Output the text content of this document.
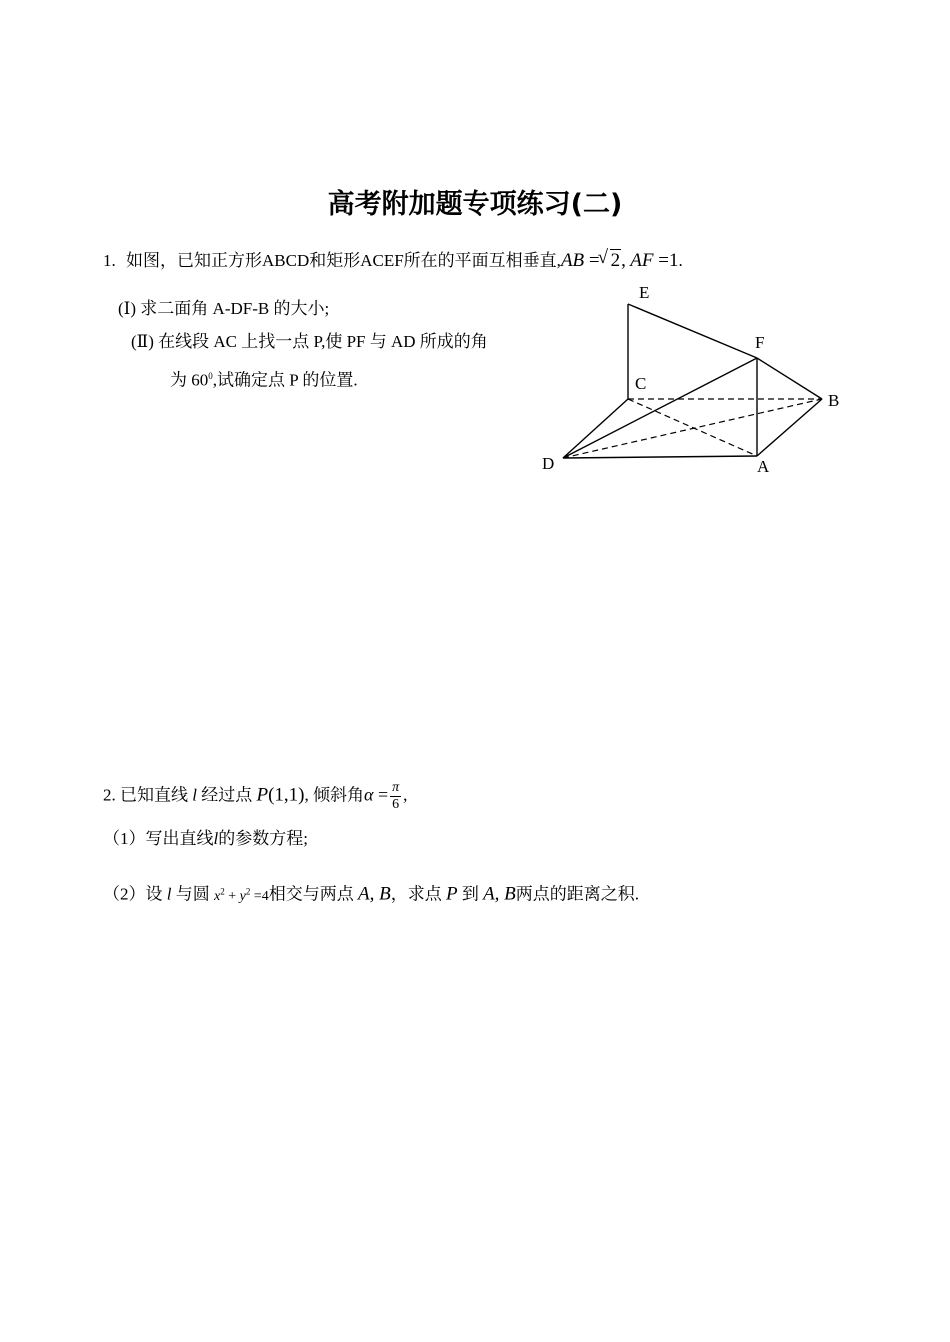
高考附加题专项练习(二)
1. 如图，已知正方形ABCD和矩形ACEF所在的平面互相垂直,AB =
√ 2, AF =1.
(Ⅰ) 求二面角 A-DF-B 的大小;
(Ⅱ) 在线段 AC 上找一点 P,使 PF 与 AD 所成的角
为 $60^0$,试确定点 P 的位置.
E
F
C
B
D	A
2. 已知直线 l 经过点 P(1,1), 倾斜角$\alpha = \frac{\pi}{6}$ ,
（1）写出直线l的参数方程;
（2）设 l 与圆 $x^2 + y^2 =4$相交与两点 A, B，求点 P 到 A, B两点的距离之积.
